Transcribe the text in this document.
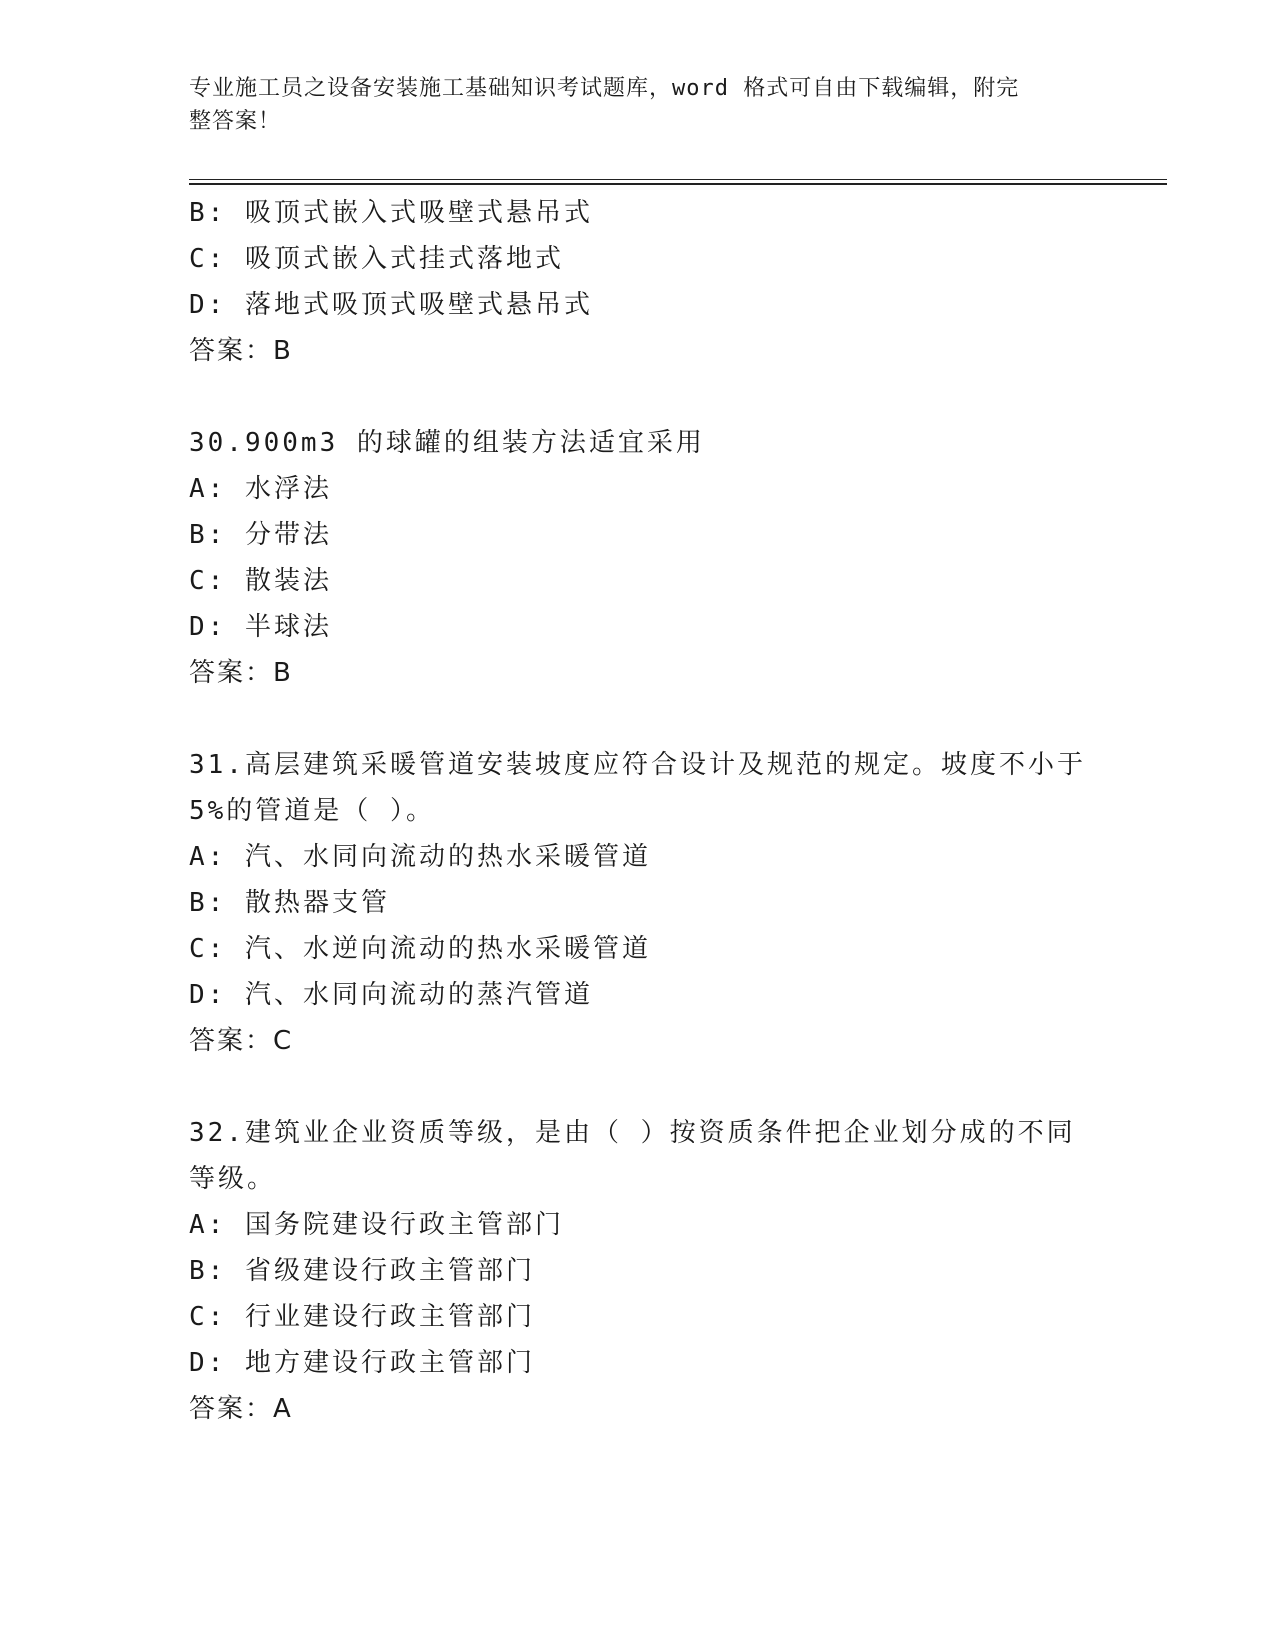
专业施工员之设备安装施工基础知识考试题库，word 格式可自由下载编辑，附完
整答案！
B: 吸顶式嵌入式吸壁式悬吊式
C: 吸顶式嵌入式挂式落地式
D: 落地式吸顶式吸壁式悬吊式
答案：B
30.900m3 的球罐的组装方法适宜采用
A: 水浮法
B: 分带法
C: 散装法
D: 半球法
答案：B
31.高层建筑采暖管道安装坡度应符合设计及规范的规定。坡度不小于
5%的管道是（ ）。
A: 汽、水同向流动的热水采暖管道
B: 散热器支管
C: 汽、水逆向流动的热水采暖管道
D: 汽、水同向流动的蒸汽管道
答案：C
32.建筑业企业资质等级，是由（ ）按资质条件把企业划分成的不同
等级。
A: 国务院建设行政主管部门
B: 省级建设行政主管部门
C: 行业建设行政主管部门
D: 地方建设行政主管部门
答案：A
